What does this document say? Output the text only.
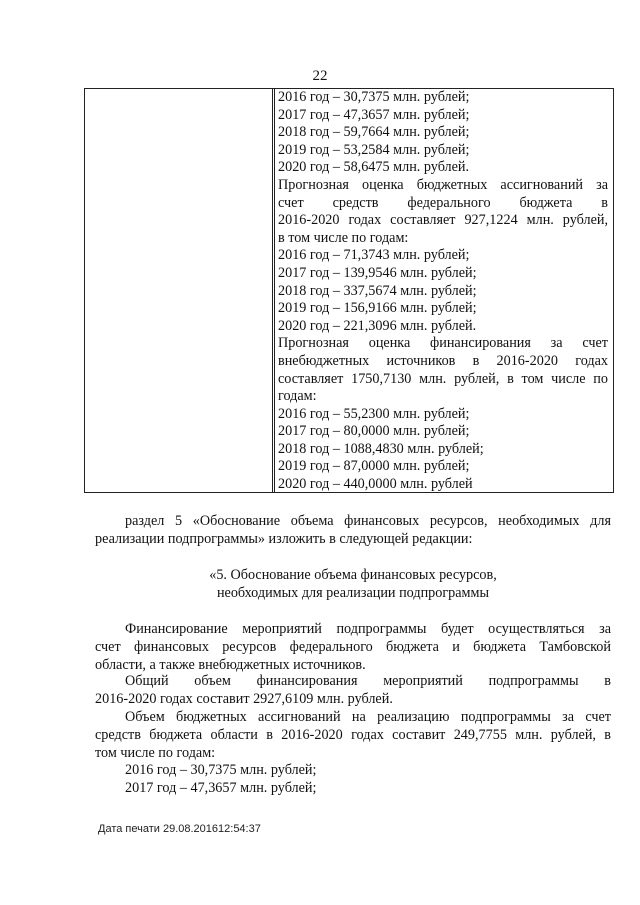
22
2016 год – 30,7375 млн. рублей;
2017 год – 47,3657 млн. рублей;
2018 год – 59,7664 млн. рублей;
2019 год – 53,2584 млн. рублей;
2020 год – 58,6475 млн. рублей.
Прогнозная оценка бюджетных ассигнований за
счет средств федерального бюджета в
2016-2020 годах составляет 927,1224 млн. рублей,
в том числе по годам:
2016 год – 71,3743 млн. рублей;
2017 год – 139,9546 млн. рублей;
2018 год – 337,5674 млн. рублей;
2019 год – 156,9166 млн. рублей;
2020 год – 221,3096 млн. рублей.
Прогнозная оценка финансирования за счет
внебюджетных источников в 2016-2020 годах
составляет 1750,7130 млн. рублей, в том числе по
годам:
2016 год – 55,2300 млн. рублей;
2017 год – 80,0000 млн. рублей;
2018 год – 1088,4830 млн. рублей;
2019 год – 87,0000 млн. рублей;
2020 год – 440,0000 млн. рублей
раздел 5 «Обоснование объема финансовых ресурсов, необходимых для
реализации подпрограммы» изложить в следующей редакции:
«5. Обоснование объема финансовых ресурсов,
необходимых для реализации подпрограммы
Финансирование мероприятий подпрограммы будет осуществляться за
счет финансовых ресурсов федерального бюджета и бюджета Тамбовской
области, а также внебюджетных источников.
Общий объем финансирования мероприятий подпрограммы в
2016-2020 годах составит 2927,6109 млн. рублей.
Объем бюджетных ассигнований на реализацию подпрограммы за счет
средств бюджета области в 2016-2020 годах составит 249,7755 млн. рублей, в
том числе по годам:
2016 год – 30,7375 млн. рублей;
2017 год – 47,3657 млн. рублей;
Дата печати 29.08.201612:54:37
